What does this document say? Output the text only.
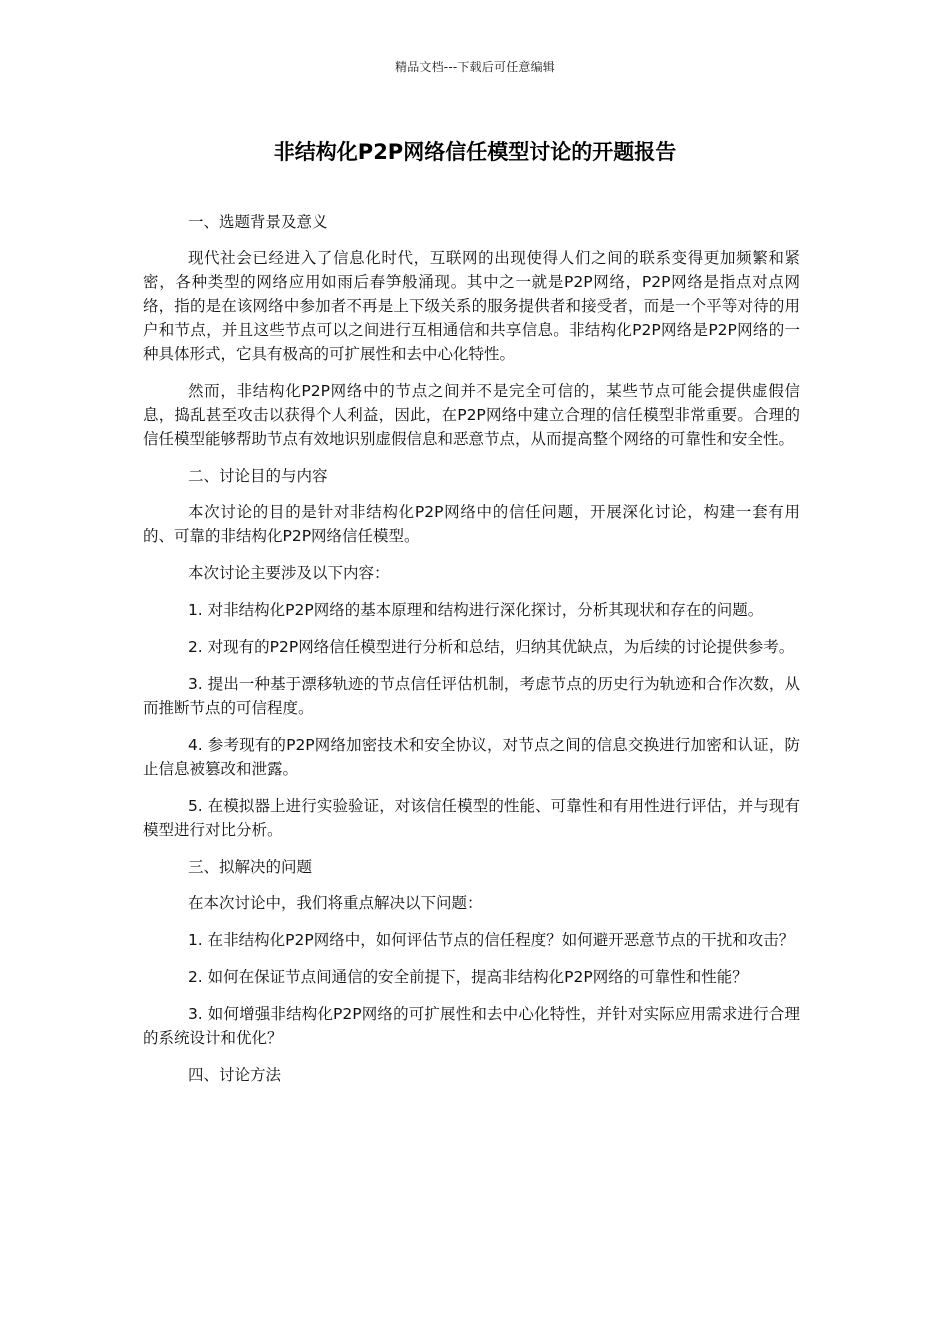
精品文档---下载后可任意编辑
非结构化P2P网络信任模型讨论的开题报告

一、选题背景及意义

现代社会已经进入了信息化时代，互联网的出现使得人们之间的联系变得更加频繁和紧密，各种类型的网络应用如雨后春笋般涌现。其中之一就是P2P网络，P2P网络是指点对点网络，指的是在该网络中参加者不再是上下级关系的服务提供者和接受者，而是一个平等对待的用户和节点，并且这些节点可以之间进行互相通信和共享信息。非结构化P2P网络是P2P网络的一种具体形式，它具有极高的可扩展性和去中心化特性。

然而，非结构化P2P网络中的节点之间并不是完全可信的，某些节点可能会提供虚假信息，捣乱甚至攻击以获得个人利益，因此，在P2P网络中建立合理的信任模型非常重要。合理的信任模型能够帮助节点有效地识别虚假信息和恶意节点，从而提高整个网络的可靠性和安全性。

二、讨论目的与内容

本次讨论的目的是针对非结构化P2P网络中的信任问题，开展深化讨论，构建一套有用的、可靠的非结构化P2P网络信任模型。

本次讨论主要涉及以下内容：

1. 对非结构化P2P网络的基本原理和结构进行深化探讨，分析其现状和存在的问题。

2. 对现有的P2P网络信任模型进行分析和总结，归纳其优缺点，为后续的讨论提供参考。

3. 提出一种基于漂移轨迹的节点信任评估机制，考虑节点的历史行为轨迹和合作次数，从而推断节点的可信程度。

4. 参考现有的P2P网络加密技术和安全协议，对节点之间的信息交换进行加密和认证，防止信息被篡改和泄露。

5. 在模拟器上进行实验验证，对该信任模型的性能、可靠性和有用性进行评估，并与现有模型进行对比分析。

三、拟解决的问题

在本次讨论中，我们将重点解决以下问题：

1. 在非结构化P2P网络中，如何评估节点的信任程度？如何避开恶意节点的干扰和攻击？

2. 如何在保证节点间通信的安全前提下，提高非结构化P2P网络的可靠性和性能？

3. 如何增强非结构化P2P网络的可扩展性和去中心化特性，并针对实际应用需求进行合理的系统设计和优化？

四、讨论方法
